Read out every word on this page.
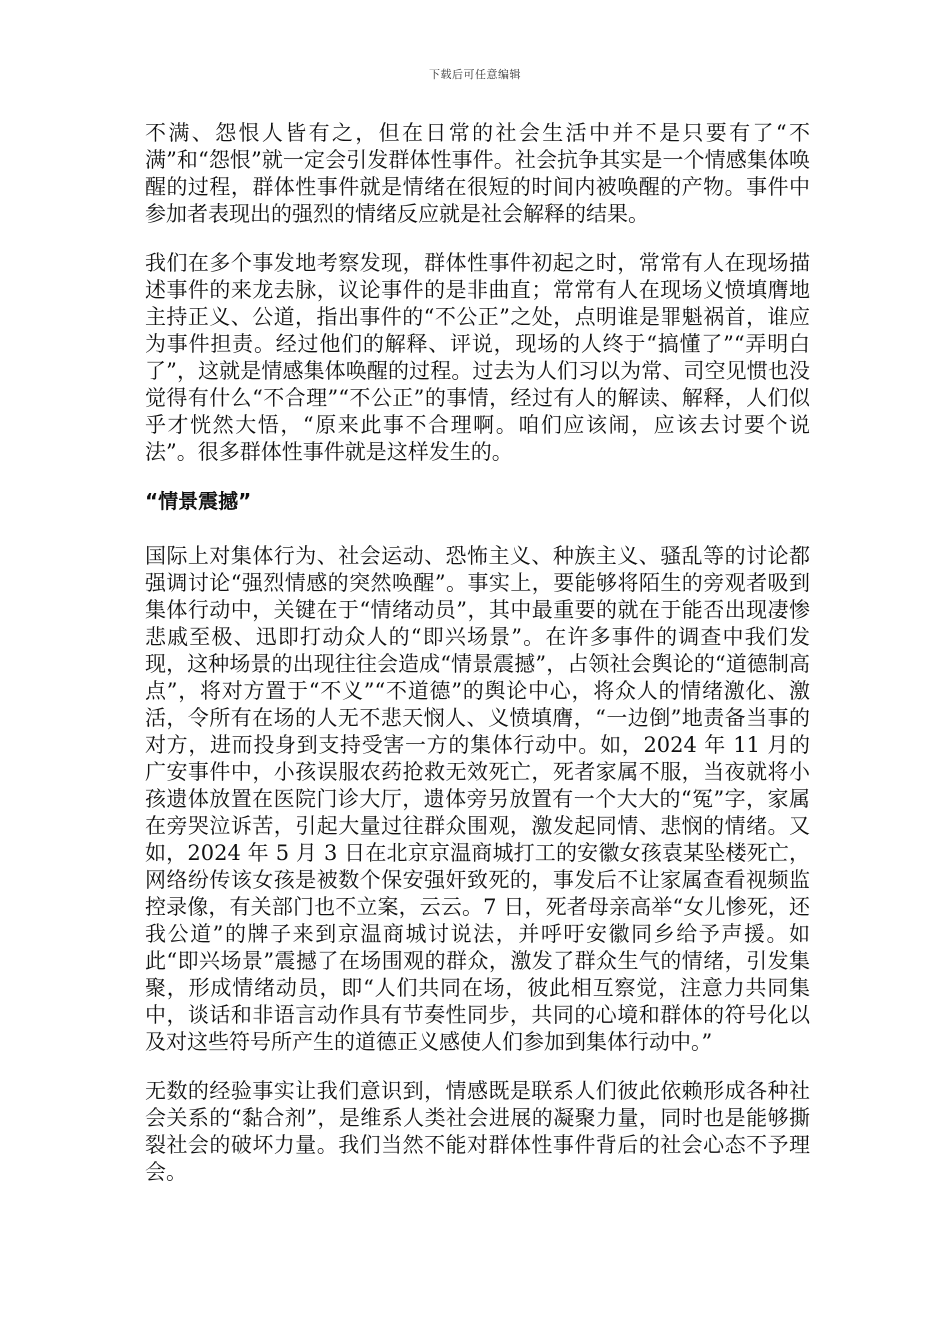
下载后可任意编辑

不满、怨恨人皆有之，但在日常的社会生活中并不是只要有了“不满”和“怨恨”就一定会引发群体性事件。社会抗争其实是一个情感集体唤醒的过程，群体性事件就是情绪在很短的时间内被唤醒的产物。事件中参加者表现出的强烈的情绪反应就是社会解释的结果。

我们在多个事发地考察发现，群体性事件初起之时，常常有人在现场描述事件的来龙去脉，议论事件的是非曲直；常常有人在现场义愤填膺地主持正义、公道，指出事件的“不公正”之处，点明谁是罪魁祸首，谁应为事件担责。经过他们的解释、评说，现场的人终于“搞懂了”“弄明白了”，这就是情感集体唤醒的过程。过去为人们习以为常、司空见惯也没觉得有什么“不合理”“不公正”的事情，经过有人的解读、解释，人们似乎才恍然大悟，“原来此事不合理啊。咱们应该闹，应该去讨要个说法”。很多群体性事件就是这样发生的。

“情景震撼”

国际上对集体行为、社会运动、恐怖主义、种族主义、骚乱等的讨论都强调讨论“强烈情感的突然唤醒”。事实上，要能够将陌生的旁观者吸到集体行动中，关键在于“情绪动员”，其中最重要的就在于能否出现凄惨悲戚至极、迅即打动众人的“即兴场景”。在许多事件的调查中我们发现，这种场景的出现往往会造成“情景震撼”，占领社会舆论的“道德制高点”，将对方置于“不义”“不道德”的舆论中心，将众人的情绪激化、激活，令所有在场的人无不悲天悯人、义愤填膺，“一边倒”地责备当事的对方，进而投身到支持受害一方的集体行动中。如，2024 年 11 月的广安事件中，小孩误服农药抢救无效死亡，死者家属不服，当夜就将小孩遗体放置在医院门诊大厅，遗体旁另放置有一个大大的“冤”字，家属在旁哭泣诉苦，引起大量过往群众围观，激发起同情、悲悯的情绪。又如，2024 年 5 月 3 日在北京京温商城打工的安徽女孩袁某坠楼死亡，网络纷传该女孩是被数个保安强奸致死的，事发后不让家属查看视频监控录像，有关部门也不立案，云云。7 日，死者母亲高举“女儿惨死，还我公道”的牌子来到京温商城讨说法，并呼吁安徽同乡给予声援。如此“即兴场景”震撼了在场围观的群众，激发了群众生气的情绪，引发集聚，形成情绪动员，即“人们共同在场，彼此相互察觉，注意力共同集中，谈话和非语言动作具有节奏性同步，共同的心境和群体的符号化以及对这些符号所产生的道德正义感使人们参加到集体行动中。”

无数的经验事实让我们意识到，情感既是联系人们彼此依赖形成各种社会关系的“黏合剂”，是维系人类社会进展的凝聚力量，同时也是能够撕裂社会的破坏力量。我们当然不能对群体性事件背后的社会心态不予理会。
